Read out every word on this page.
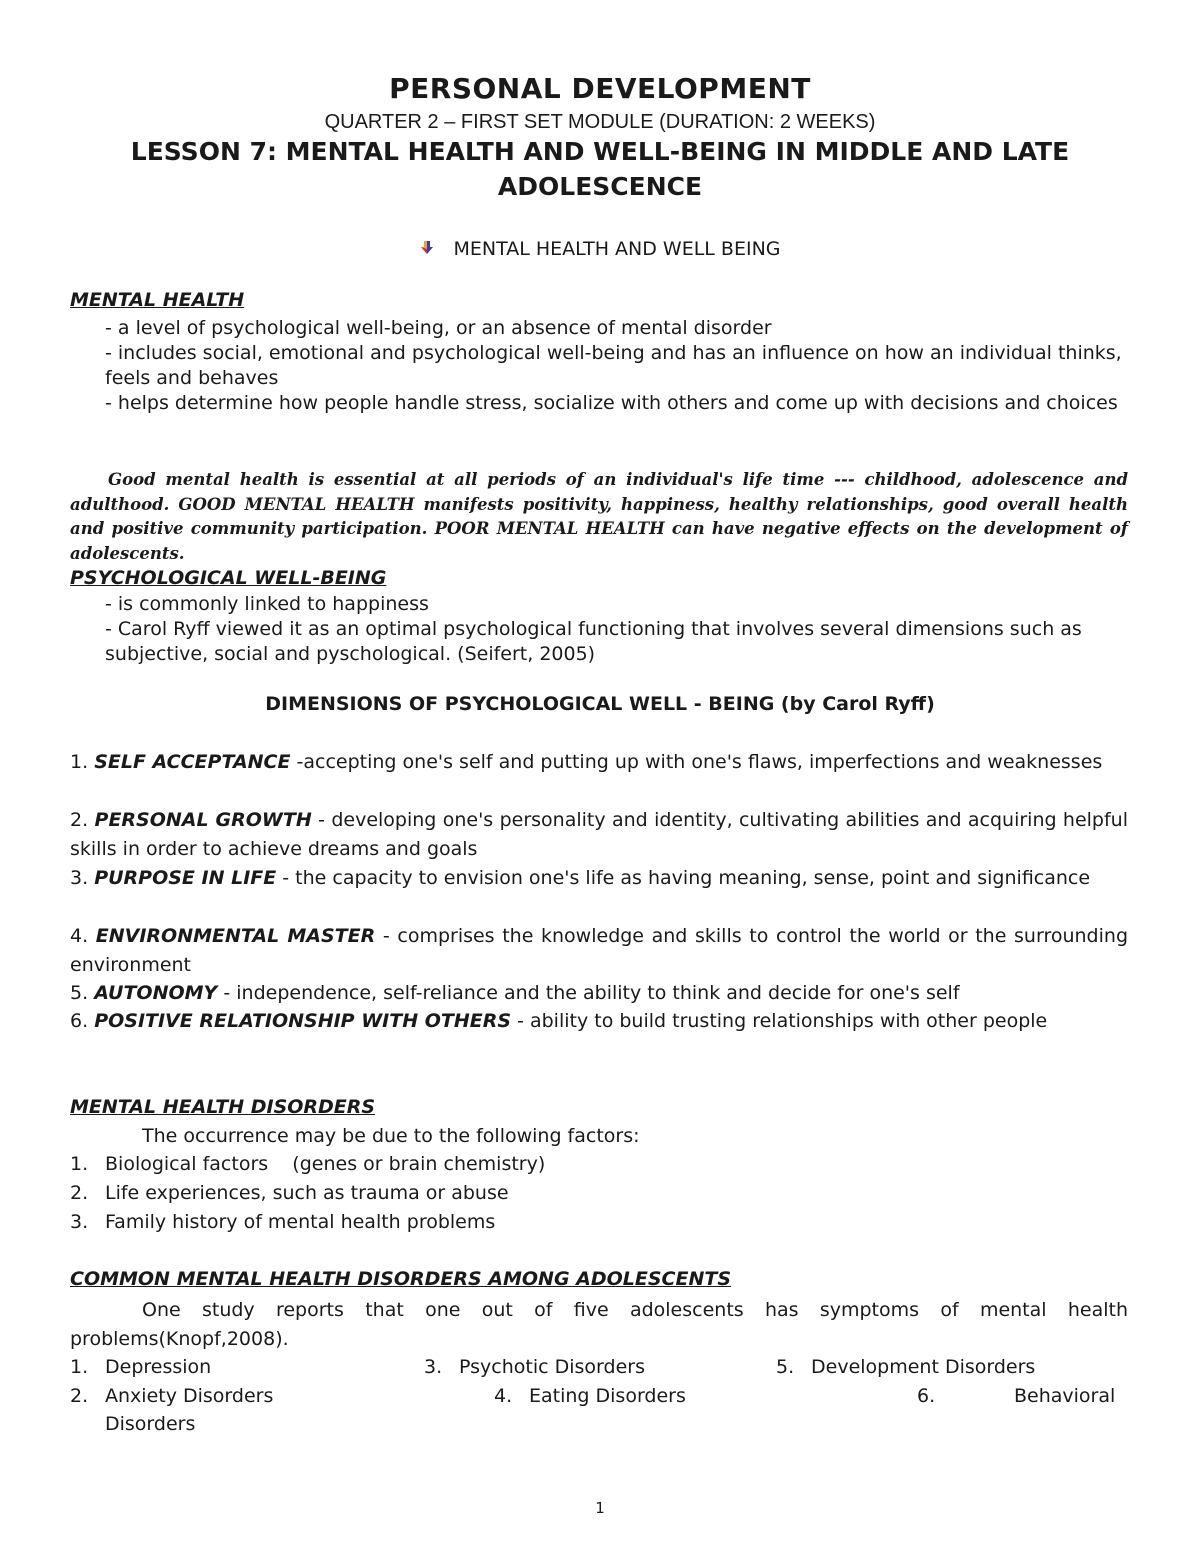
PERSONAL DEVELOPMENT
QUARTER 2 – FIRST SET MODULE (DURATION: 2 WEEKS)
LESSON 7: MENTAL HEALTH AND WELL-BEING IN MIDDLE AND LATE ADOLESCENCE
MENTAL HEALTH AND WELL BEING
MENTAL HEALTH
- a level of psychological well-being, or an absence of mental disorder
- includes social, emotional and psychological well-being and has an influence on how an individual thinks, feels and behaves
- helps determine how people handle stress, socialize with others and come up with decisions and choices
Good mental health is essential at all periods of an individual's life time --- childhood, adolescence and adulthood. GOOD MENTAL HEALTH manifests positivity, happiness, healthy relationships, good overall health and positive community participation. POOR MENTAL HEALTH can have negative effects on the development of adolescents.
PSYCHOLOGICAL WELL-BEING
- is commonly linked to happiness
- Carol Ryff viewed it as an optimal psychological functioning that involves several dimensions such as subjective, social and pyschological. (Seifert, 2005)
DIMENSIONS OF PSYCHOLOGICAL WELL - BEING (by Carol Ryff)
1. SELF ACCEPTANCE -accepting one's self and putting up with one's flaws, imperfections and weaknesses
2. PERSONAL GROWTH - developing one's personality and identity, cultivating abilities and acquiring helpful skills in order to achieve dreams and goals
3. PURPOSE IN LIFE - the capacity to envision one's life as having meaning, sense, point and significance
4. ENVIRONMENTAL MASTER - comprises the knowledge and skills to control the world or the surrounding environment
5. AUTONOMY - independence, self-reliance and the ability to think and decide for one's self
6. POSITIVE RELATIONSHIP WITH OTHERS - ability to build trusting relationships with other people
MENTAL HEALTH DISORDERS
The occurrence may be due to the following factors:
1. Biological factors    (genes or brain chemistry)
2. Life experiences, such as trauma or abuse
3. Family history of mental health problems
COMMON MENTAL HEALTH DISORDERS AMONG ADOLESCENTS
One study reports that one out of five adolescents has symptoms of mental health problems(Knopf,2008).
1. Depression	3. Psychotic Disorders	5. Development Disorders
2. Anxiety Disorders	4. Eating Disorders	6.	Behavioral
Disorders
1
